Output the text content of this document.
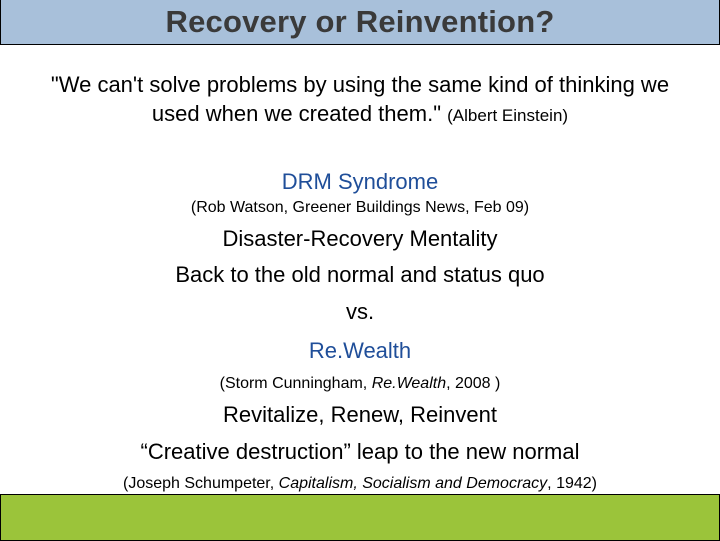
Recovery or Reinvention?
"We can't solve problems by using the same kind of thinking we
used when we created them." (Albert Einstein)
DRM Syndrome
(Rob Watson, Greener Buildings News, Feb 09)
Disaster-Recovery Mentality
Back to the old normal and status quo
vs.
Re.Wealth
(Storm Cunningham, Re.Wealth, 2008 )
Revitalize, Renew, Reinvent
“Creative destruction” leap to the new normal
(Joseph Schumpeter, Capitalism, Socialism and Democracy, 1942)
